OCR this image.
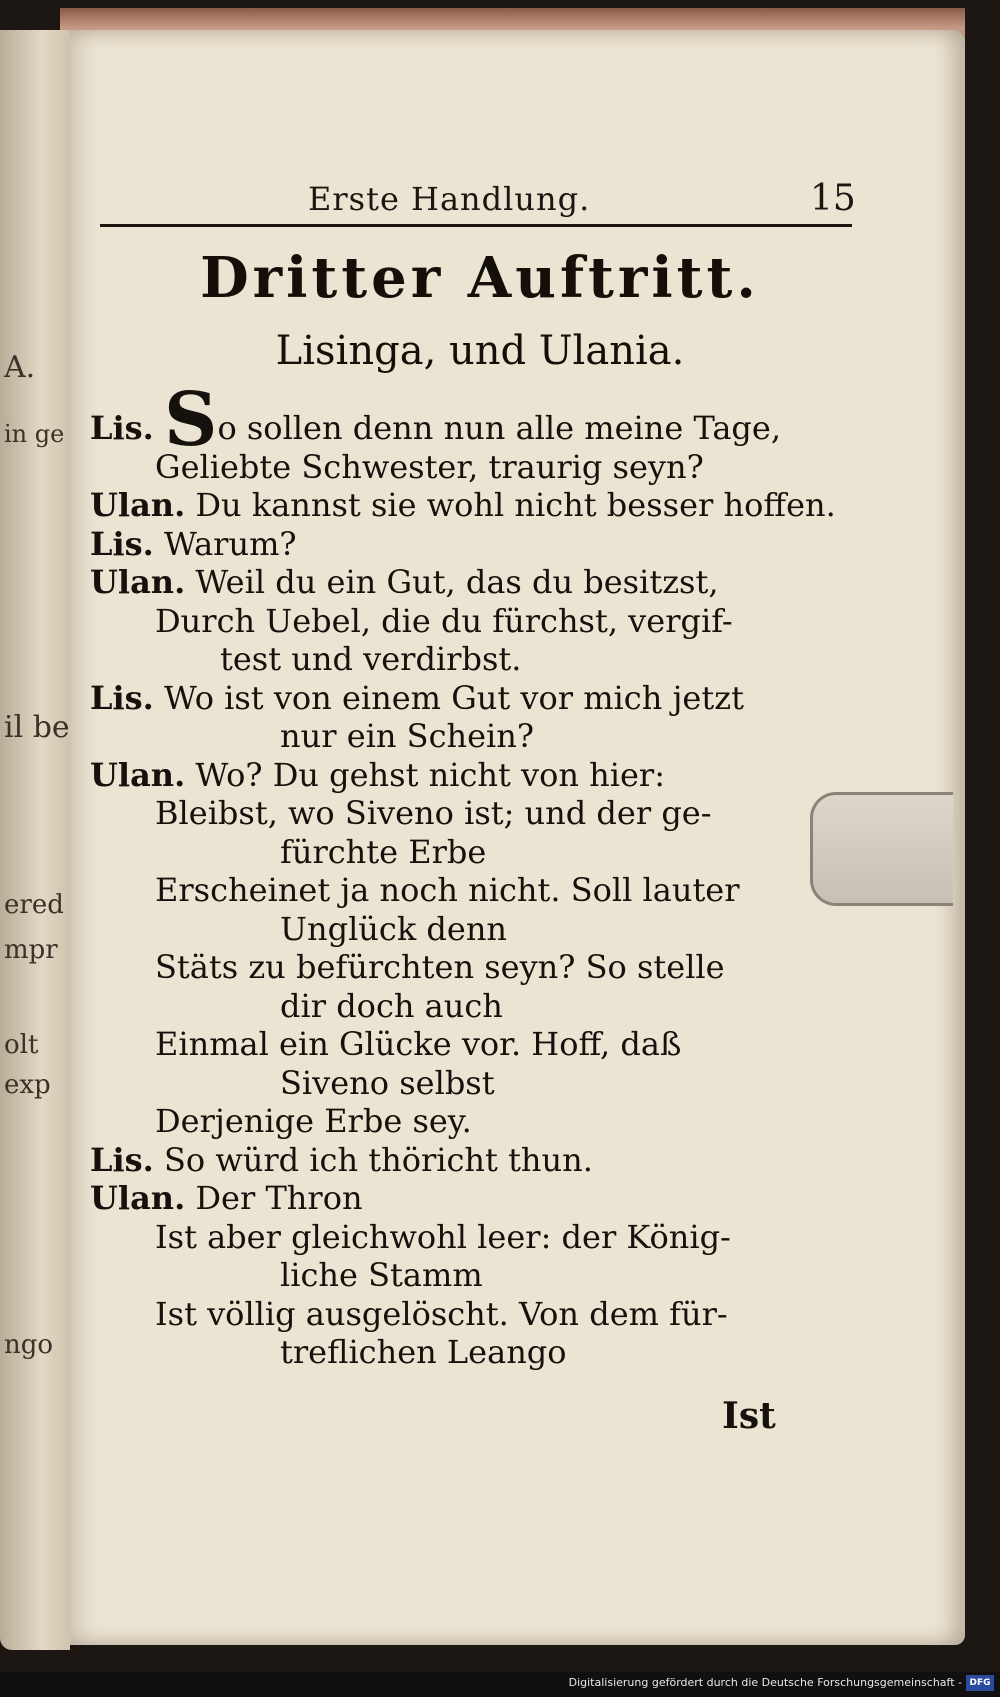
A.
in ge
il be
ered
mpr
olt
exp
ngo
Erste Handlung.	15
Dritter Auftritt.
Lisinga, und Ulania.
Lis. So sollen denn nun alle meine Tage,
Geliebte Schwester, traurig seyn?
Ulan. Du kannst sie wohl nicht besser hoffen.
Lis. Warum?
Ulan. Weil du ein Gut, das du besitzst,
Durch Uebel, die du fürchst, vergif-
test und verdirbst.
Lis. Wo ist von einem Gut vor mich jetzt
nur ein Schein?
Ulan. Wo? Du gehst nicht von hier:
Bleibst, wo Siveno ist; und der ge-
fürchte Erbe
Erscheinet ja noch nicht. Soll lauter
Unglück denn
Stäts zu befürchten seyn? So stelle
dir doch auch
Einmal ein Glücke vor. Hoff, daß
Siveno selbst
Derjenige Erbe sey.
Lis. So würd ich thöricht thun.
Ulan. Der Thron
Ist aber gleichwohl leer: der König-
liche Stamm
Ist völlig ausgelöscht. Von dem für-
treflichen Leango
Ist
Digitalisierung gefördert durch die Deutsche Forschungsgemeinschaft - DFG
